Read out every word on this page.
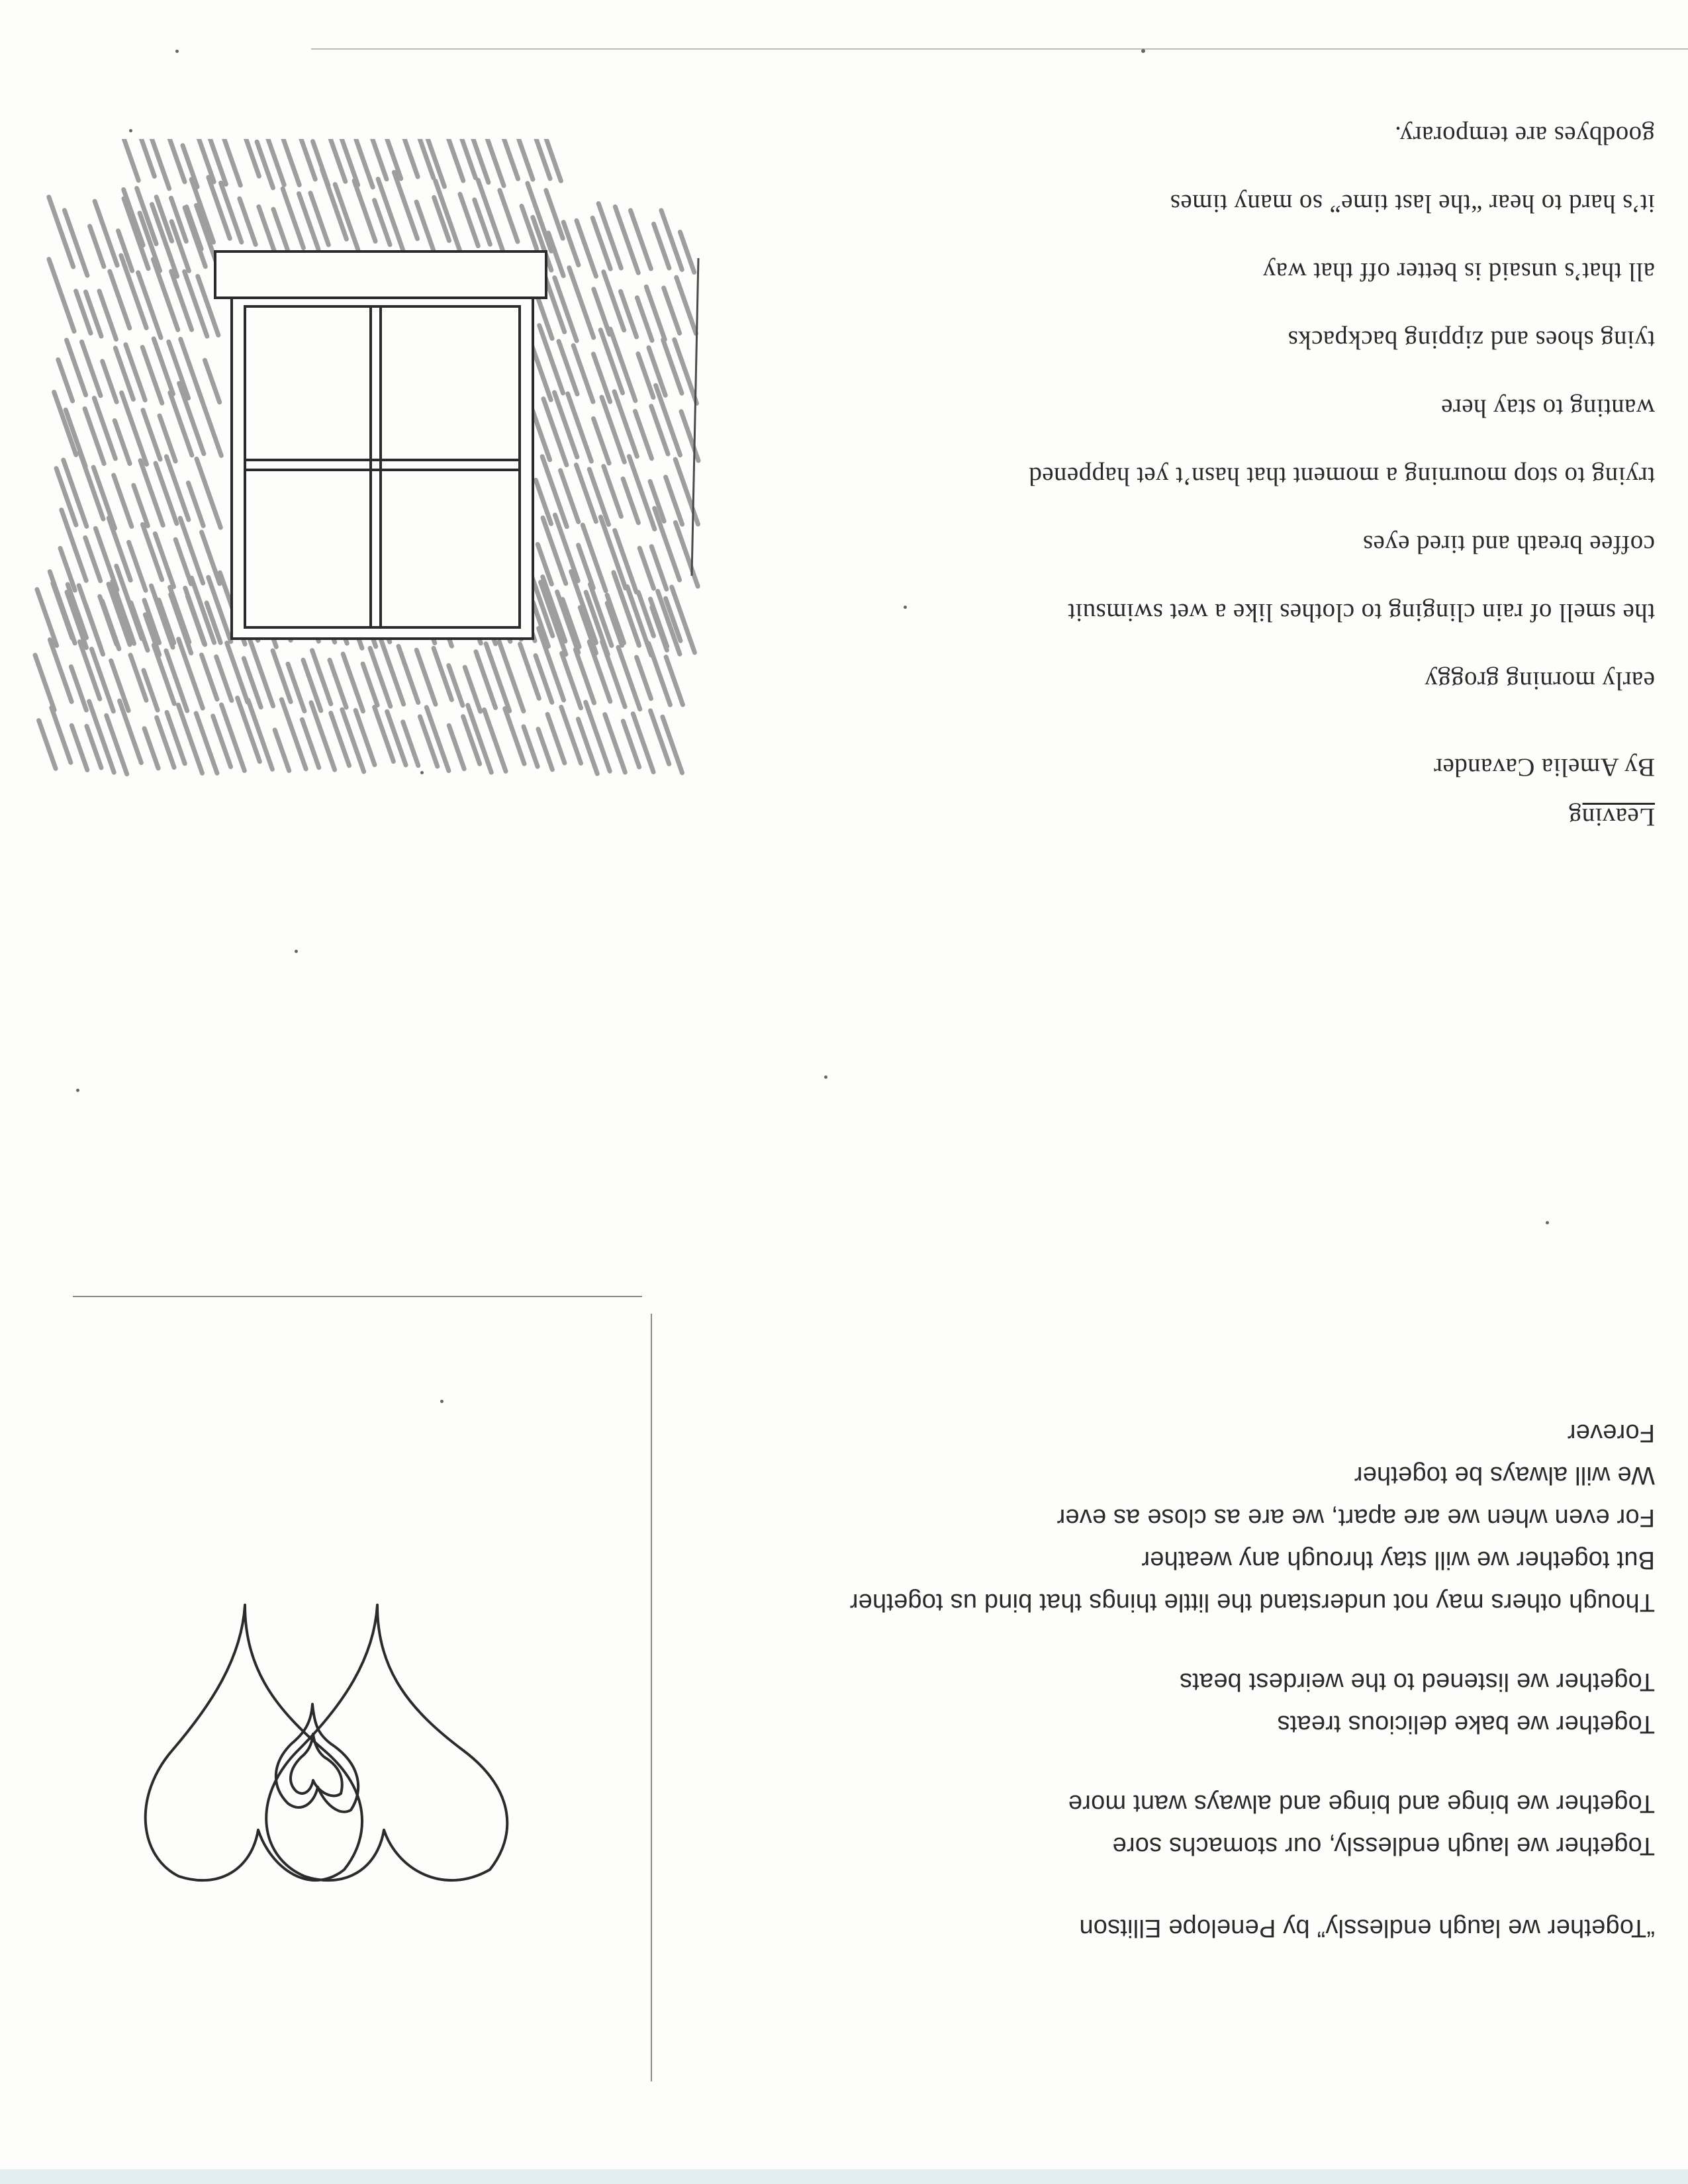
Leaving
By Amelia Cavander
early morning groggy
the smell of rain clinging to clothes like a wet swimsuit
coffee breath and tired eyes
trying to stop mourning a moment that hasn’t yet happened
wanting to stay here
tying shoes and zipping backpacks
all that’s unsaid is better off that way
it’s hard to hear “the last time” so many times
goodbyes are temporary.
“Together we laugh endlessly” by Penelope Ellitson
Together we laugh endlessly, our stomachs sore
Together we binge and binge and always want more
Together we bake delicious treats
Together we listened to the weirdest beats
Though others may not understand the little things that bind us together
But together we will stay through any weather
For even when we are apart, we are as close as ever
We will always be together
Forever
